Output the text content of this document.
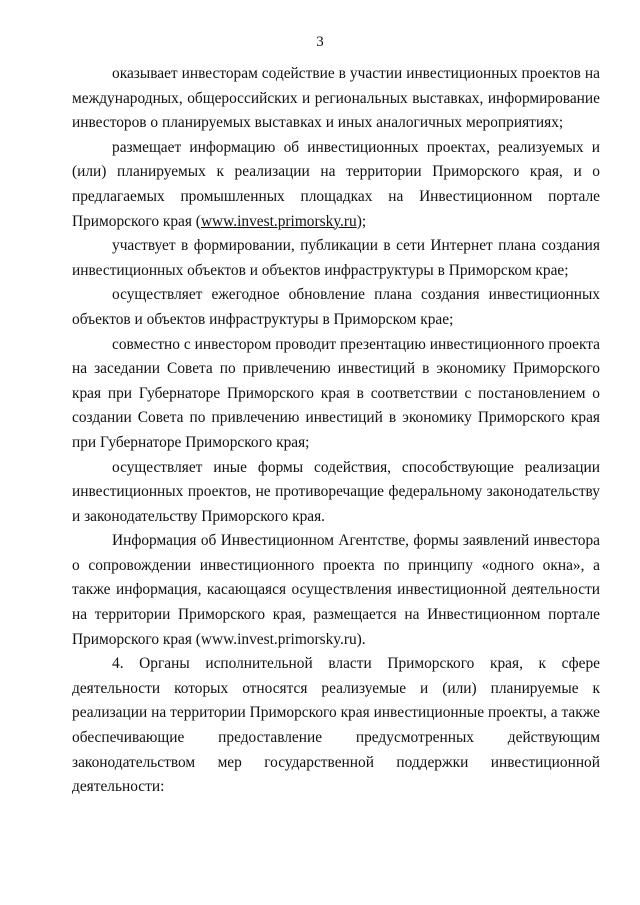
3
оказывает инвесторам содействие в участии инвестиционных проектов на
международных, общероссийских и региональных выставках, информирование
инвесторов о планируемых выставках и иных аналогичных мероприятиях;
размещает информацию об инвестиционных проектах, реализуемых и
(или) планируемых к реализации на территории Приморского края, и о
предлагаемых промышленных площадках на Инвестиционном портале
Приморского края (www.invest.primorsky.ru);
участвует в формировании, публикации в сети Интернет плана создания
инвестиционных объектов и объектов инфраструктуры в Приморском крае;
осуществляет ежегодное обновление плана создания инвестиционных
объектов и объектов инфраструктуры в Приморском крае;
совместно с инвестором проводит презентацию инвестиционного проекта
на заседании Совета по привлечению инвестиций в экономику Приморского
края при Губернаторе Приморского края в соответствии с постановлением о
создании Совета по привлечению инвестиций в экономику Приморского края
при Губернаторе Приморского края;
осуществляет иные формы содействия, способствующие реализации
инвестиционных проектов, не противоречащие федеральному законодательству
и законодательству Приморского края.
Информация об Инвестиционном Агентстве, формы заявлений инвестора
о сопровождении инвестиционного проекта по принципу «одного окна», а
также информация, касающаяся осуществления инвестиционной деятельности
на территории Приморского края, размещается на Инвестиционном портале
Приморского края (www.invest.primorsky.ru).
4. Органы исполнительной власти Приморского края, к сфере
деятельности которых относятся реализуемые и (или) планируемые к
реализации на территории Приморского края инвестиционные проекты, а также
обеспечивающие предоставление предусмотренных действующим
законодательством мер государственной поддержки инвестиционной
деятельности:
